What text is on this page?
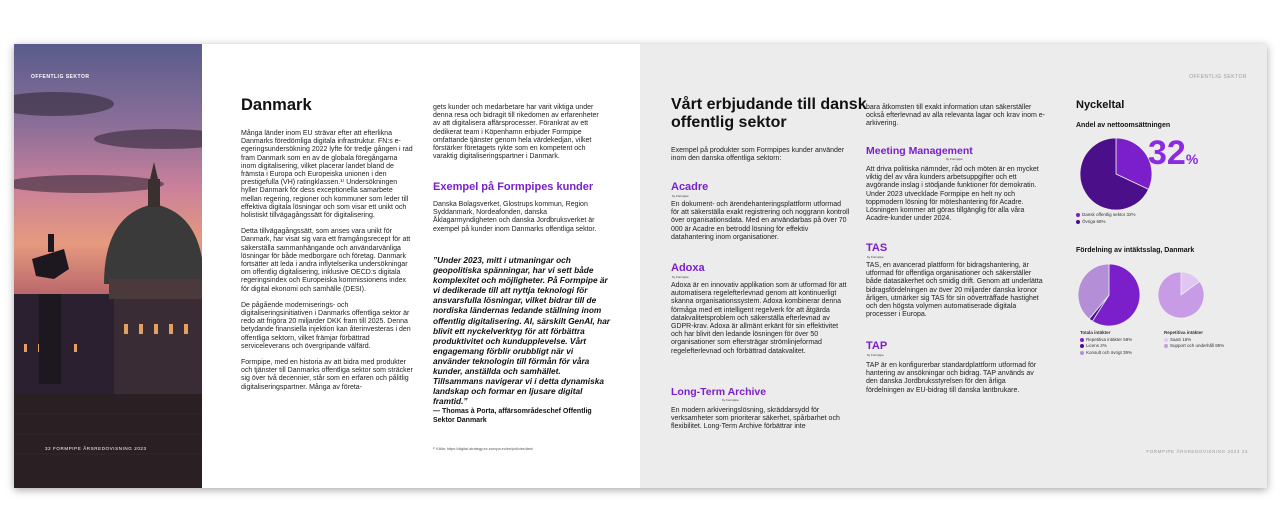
OFFENTLIG SEKTOR
32 FORMPIPE ÅRSREDOVISNING 2023
Danmark

Många länder inom EU strävar efter att efterlikna Danmarks föredömliga digitala infrastruktur. FN:s e-egeringsundersökning 2022 lyfte för tredje gången i rad fram Danmark som en av de globala föregångarna inom digitalisering, vilket placerar landet bland de främsta i Europa och Europeiska unionen i den prestigefulla (VH) ratingklassen.¹⁾ Undersökningen hyller Danmark för dess exceptionella samarbete mellan regering, regioner och kommuner som leder till effektiva digitala lösningar och som visar ett unikt och holistiskt tillvägagångssätt för digitalisering.

Detta tillvägagångssätt, som anses vara unikt för Danmark, har visat sig vara ett framgångsrecept för att säkerställa sammanhängande och användarvänliga lösningar för både medborgare och företag. Danmark fortsätter att leda i andra inflytelserika undersökningar om offentlig digitalisering, inklusive OECD:s digitala regeringsindex och Europeiska kommissionens index för digital ekonomi och samhälle (DESI).

De pågående moderniserings- och digitaliseringsinitiativen i Danmarks offentliga sektor är redo att frigöra 20 miljarder DKK fram till 2025. Denna betydande finansiella injektion kan återinvesteras i den offentliga sektorn, vilket främjar förbättrad serviceleverans och övergripande välfärd.

Formpipe, med en historia av att bidra med produkter och tjänster till Danmarks offentliga sektor som sträcker sig över två decennier, står som en erfaren och pålitlig digitaliseringspartner. Många av företa-

gets kunder och medarbetare har varit viktiga under denna resa och bidragit till rikedomen av erfarenheter av att digitalisera affärsprocesser. Förankrat av ett dedikerat team i Köpenhamn erbjuder Formpipe omfattande tjänster genom hela värdekedjan, vilket förstärker företagets rykte som en kompetent och varaktig digitaliseringspartner i Danmark.
Exempel på Formpipes kunder
Danska Bolagsverket, Glostrups kommun, Region Syddanmark, Nordeafonden, danska Åklagarmyndigheten och danska Jordbruksverket är exempel på kunder inom Danmarks offentliga sektor.
”Under 2023, mitt i utmaningar och geopolitiska spänningar, har vi sett både komplexitet och möjligheter. På Formpipe är vi dedikerade till att nyttja teknologi för ansvarsfulla lösningar, vilket bidrar till de nordiska ländernas ledande ställning inom offentlig digitalisering. AI, särskilt GenAI, har blivit ett nyckelverktyg för att förbättra produktivitet och kundupplevelse. Vårt engagemang förblir orubbligt när vi använder teknologin till förmån för våra kunder, anställda och samhället. Tillsammans navigerar vi i detta dynamiska landskap och formar en ljusare digital framtid.”
— Thomas à Porta, affärsområdeschef Offentlig Sektor Danmark
¹⁾ Källa: https://digital-strategy.ec.europa.eu/en/policies/desi
OFFENTLIG SEKTOR
FORMPIPE ÅRSREDOVISNING 2023 33
Vårt erbjudande till dansk offentlig sektor
Exempel på produkter som Formpipes kunder använder inom den danska offentliga sektorn:
Acadre
by Formpipe
En dokument- och ärendehanteringsplattform utformad för att säkerställa exakt registrering och noggrann kontroll över organisationsdata. Med en användarbas på över 70 000 är Acadre en betrodd lösning för effektiv datahantering inom organisationer.
Adoxa
by Formpipe
Adoxa är en innovativ applikation som är utformad för att automatisera regelefterlevnad genom att kontinuerligt skanna organisationssystem. Adoxa kombinerar denna förmåga med ett intelligent regelverk för att åtgärda datakvalitetsproblem och säkerställa efterlevnad av GDPR-krav. Adoxa är allmänt erkänt för sin effektivitet och har blivit den ledande lösningen för över 50 organisationer som eftersträgar strömlinjeformad regelefterlevnad och förbättrad datakvalitet.
Long-Term Archive
by Formpipe
En modern arkiveringslösning, skräddarsydd för verksamheter som prioriterar säkerhet, spårbarhet och flexibilitet. Long-Term Archive förbättrar inte
bara åtkomsten till exakt information utan säkerställer också efterlevnad av alla relevanta lagar och krav inom e-arkivering.
Meeting Management
by Formpipe
Att driva politiska nämnder, råd och möten är en mycket viktig del av våra kunders arbetsuppgifter och ett avgörande inslag i stödjande funktioner för demokratin. Under 2023 utvecklade Formpipe en helt ny och toppmodern lösning för möteshantering för Acadre. Lösningen kommer att göras tillgänglig för alla våra Acadre-kunder under 2024.
TAS
by Formpipe
TAS, en avancerad plattform för bidragshantering, är utformad för offentliga organisationer och säkerställer både datasäkerhet och smidig drift. Genom att underlätta bidragsfördelningen av över 20 miljarder danska kronor årligen, utmärker sig TAS för sin oöverträffade hastighet och den högsta volymen automatiserade digitala processer i Europa.
TAP
by Formpipe
TAP är en konfigurerbar standardplattform utformad för hantering av ansökningar och bidrag. TAP används av den danska Jordbruksstyrelsen för den årliga fördelningen av EU-bidrag till danska lantbrukare.
Nyckeltal
Andel av nettoomsättningen
32%
Dansk offentlig sektor 32%
Övriga 68%
Fördelning av intäktsslag, Danmark
Totala intäkter
Repetitiva intäkter 59%
Licens 2%
Konsult och övrigt 39%
Repetitiva intäkter
SaaS 15%
Support och underhåll 85%
